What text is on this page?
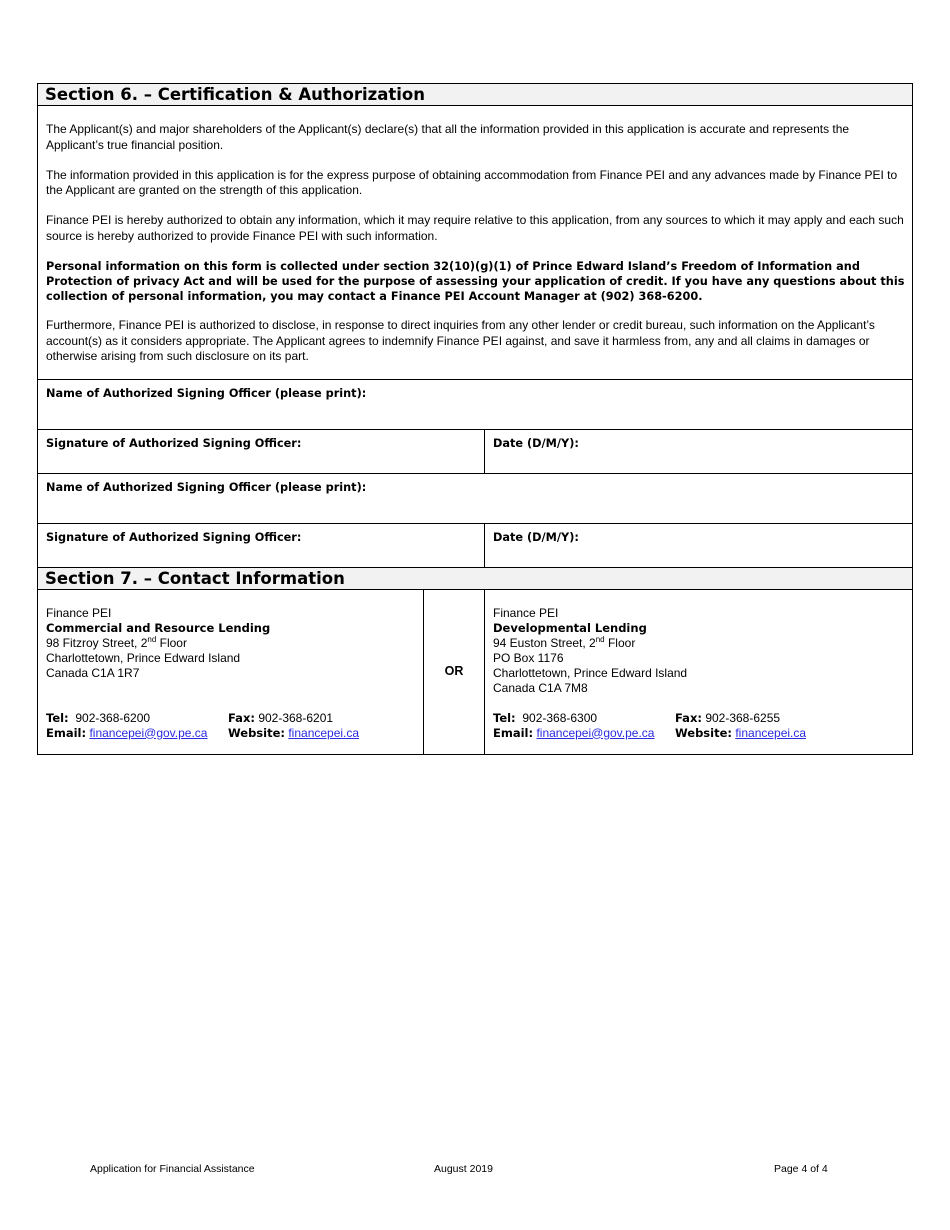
Section 6. – Certification & Authorization

The Applicant(s) and major shareholders of the Applicant(s) declare(s) that all the information provided in this application is accurate and represents the Applicant’s true financial position.

The information provided in this application is for the express purpose of obtaining accommodation from Finance PEI and any advances made by Finance PEI to the Applicant are granted on the strength of this application.

Finance PEI is hereby authorized to obtain any information, which it may require relative to this application, from any sources to which it may apply and each such source is hereby authorized to provide Finance PEI with such information.

Personal information on this form is collected under section 32(10)(g)(1) of Prince Edward Island’s Freedom of Information and Protection of privacy Act and will be used for the purpose of assessing your application of credit. If you have any questions about this collection of personal information, you may contact a Finance PEI Account Manager at (902) 368-6200.

Furthermore, Finance PEI is authorized to disclose, in response to direct inquiries from any other lender or credit bureau, such information on the Applicant’s account(s) as it considers appropriate. The Applicant agrees to indemnify Finance PEI against, and save it harmless from, any and all claims in damages or otherwise arising from such disclosure on its part.

Name of Authorized Signing Officer (please print):
Signature of Authorized Signing Officer:	Date (D/M/Y):
Name of Authorized Signing Officer (please print):
Signature of Authorized Signing Officer:	Date (D/M/Y):
Section 7. – Contact Information
Finance PEI
Commercial and Resource Lending
98 Fitzroy Street, 2nd Floor
Charlottetown, Prince Edward Island
Canada C1A 1R7
Tel: 902-368-6200	Fax: 902-368-6201
Email: financepei@gov.pe.ca	Website: financepei.ca
OR
Finance PEI
Developmental Lending
94 Euston Street, 2nd Floor
PO Box 1176
Charlottetown, Prince Edward Island
Canada C1A 7M8
Tel: 902-368-6300	Fax: 902-368-6255
Email: financepei@gov.pe.ca	Website: financepei.ca
Application for Financial Assistance	August 2019	Page 4 of 4
